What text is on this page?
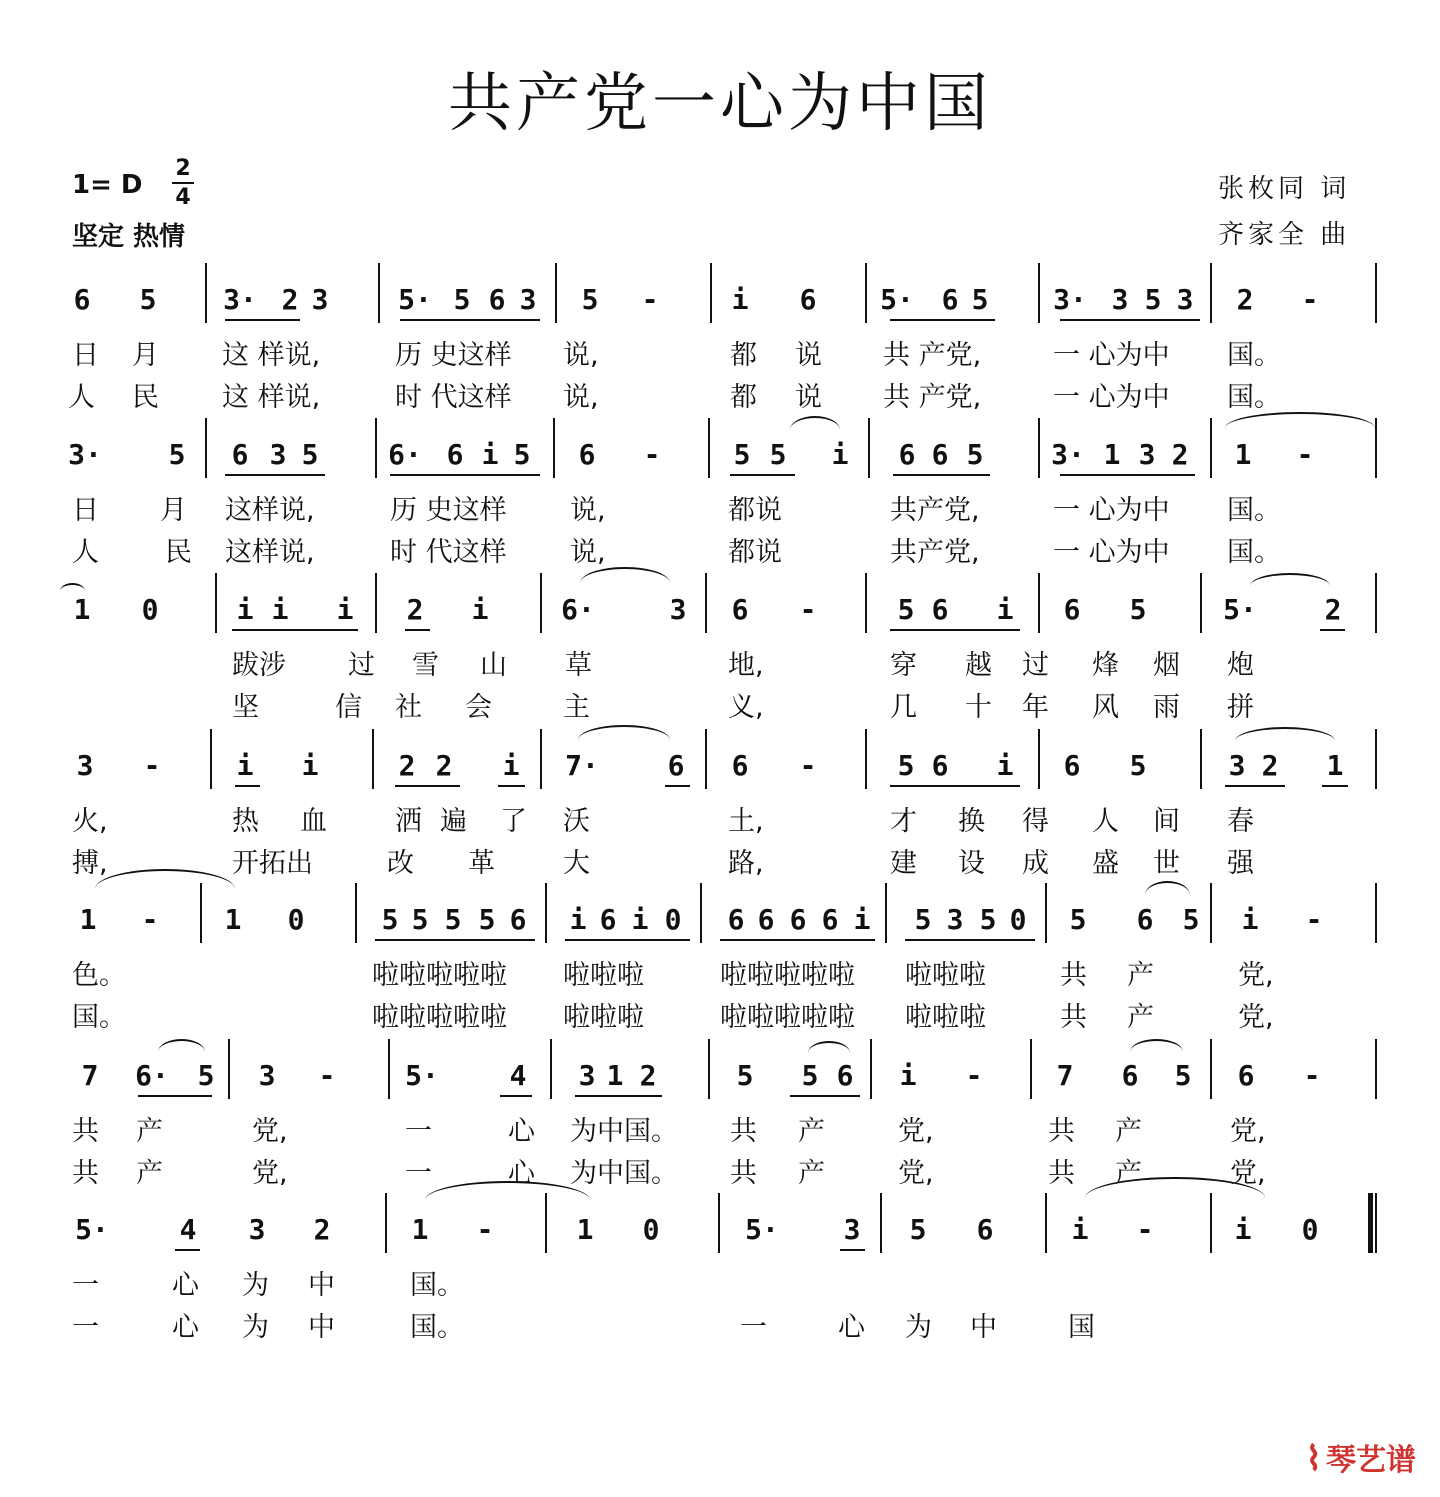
共产党一心为中国
1= D
2
4
坚定 热情
张枚同 词
齐家全 曲
6 5 3· 2 3 5· 5 6 3 5 -	i 6 5· 6 5 3· 3 5 3 2 -
日 月 这 样说,	历 史这样 说,	都 说 共 产党,	一 心为中 国。
人 民 这 样说,	时 代这样 说,	都 说 共 产党,	一 心为中 国。
3· 5 6 3 5 6· 6 i 5 6 -	5 5 i 6 6 5 3· 1 3 2 1 -
日 月 这样说,	历 史这样 说,	都说	共产党,	一 心为中 国。
人 民 这样说,	时 代这样 说,	都说	共产党,	一 心为中 国。
1 0	i i i 2 i	6·	3 6 -	5 6 i 6 5	5· 2
跋涉 过 雪 山 草	地,	穿 越 过 烽 烟 炮
坚	信 社 会	主	义,	几 十 年 风 雨 拼
3 -	i i	2 2 i 7· 6 6 -	5 6 i 6 5	3 2 1
火,	热 血	洒 遍 了 沃	土,	才 换 得 人 间 春
搏,	开拓出	改 革	大	路,	建 设 成 盛 世 强
1 - 1 0	5 5 5 5 6 i 6 i 0 6 6 6 6 i 5 3 5 0 5 6 5 i -
色。	啦啦啦啦啦 啦啦啦	啦啦啦啦啦 啦啦啦	共 产	党,
国。	啦啦啦啦啦 啦啦啦	啦啦啦啦啦 啦啦啦	共 产	党,
7 6· 5 3 - 5·	4 3 1 2	5 5 6 i -	7 6 5 6 -
共 产	党,	一	心 为中国。 共 产	党,	共 产	党,
共 产	党,	一	心 为中国。 共 产	党,	共 产	党,
5·	4 3 2	1 -	1 0	5· 3 5 6	i -	i 0
一	心 为 中	国。
一	心 为 中	国。	一	心 为 中	国
⌇ 琴艺谱
